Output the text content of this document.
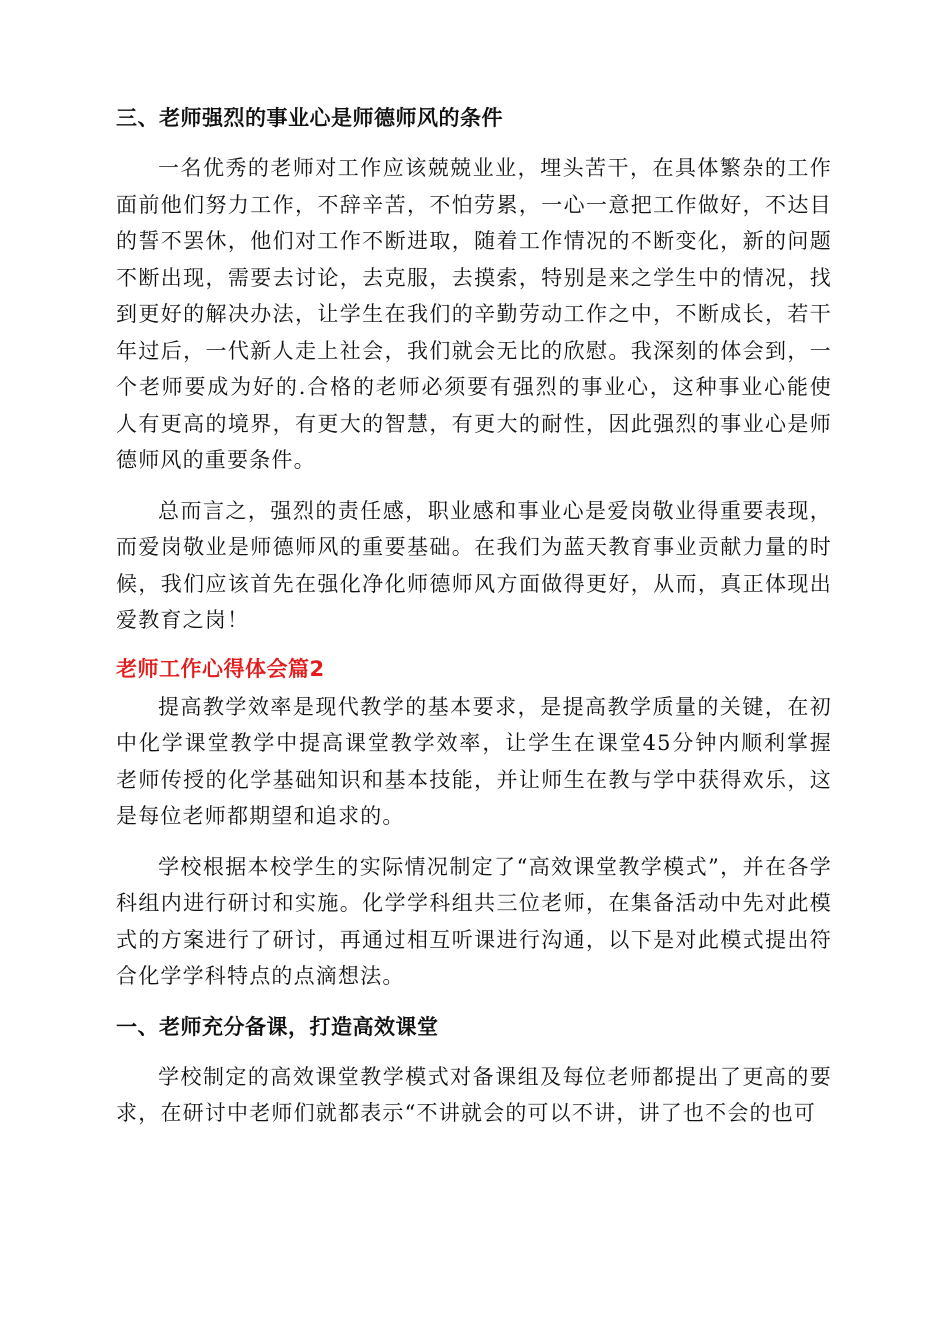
三、老师强烈的事业心是师德师风的条件

一名优秀的老师对工作应该兢兢业业，埋头苦干，在具体繁杂的工作面前他们努力工作，不辞辛苦，不怕劳累，一心一意把工作做好，不达目的誓不罢休，他们对工作不断进取，随着工作情况的不断变化，新的问题不断出现，需要去讨论，去克服，去摸索，特别是来之学生中的情况，找到更好的解决办法，让学生在我们的辛勤劳动工作之中，不断成长，若干年过后，一代新人走上社会，我们就会无比的欣慰。我深刻的体会到，一个老师要成为好的.合格的老师必须要有强烈的事业心，这种事业心能使人有更高的境界，有更大的智慧，有更大的耐性，因此强烈的事业心是师德师风的重要条件。

总而言之，强烈的责任感，职业感和事业心是爱岗敬业得重要表现，而爱岗敬业是师德师风的重要基础。在我们为蓝天教育事业贡献力量的时候，我们应该首先在强化净化师德师风方面做得更好，从而，真正体现出爱教育之岗！

老师工作心得体会篇2

提高教学效率是现代教学的基本要求，是提高教学质量的关键，在初中化学课堂教学中提高课堂教学效率，让学生在课堂45分钟内顺利掌握老师传授的化学基础知识和基本技能，并让师生在教与学中获得欢乐，这是每位老师都期望和追求的。

学校根据本校学生的实际情况制定了“高效课堂教学模式”，并在各学科组内进行研讨和实施。化学学科组共三位老师，在集备活动中先对此模式的方案进行了研讨，再通过相互听课进行沟通，以下是对此模式提出符合化学学科特点的点滴想法。

一、老师充分备课，打造高效课堂

学校制定的高效课堂教学模式对备课组及每位老师都提出了更高的要求，在研讨中老师们就都表示“不讲就会的可以不讲，讲了也不会的也可
